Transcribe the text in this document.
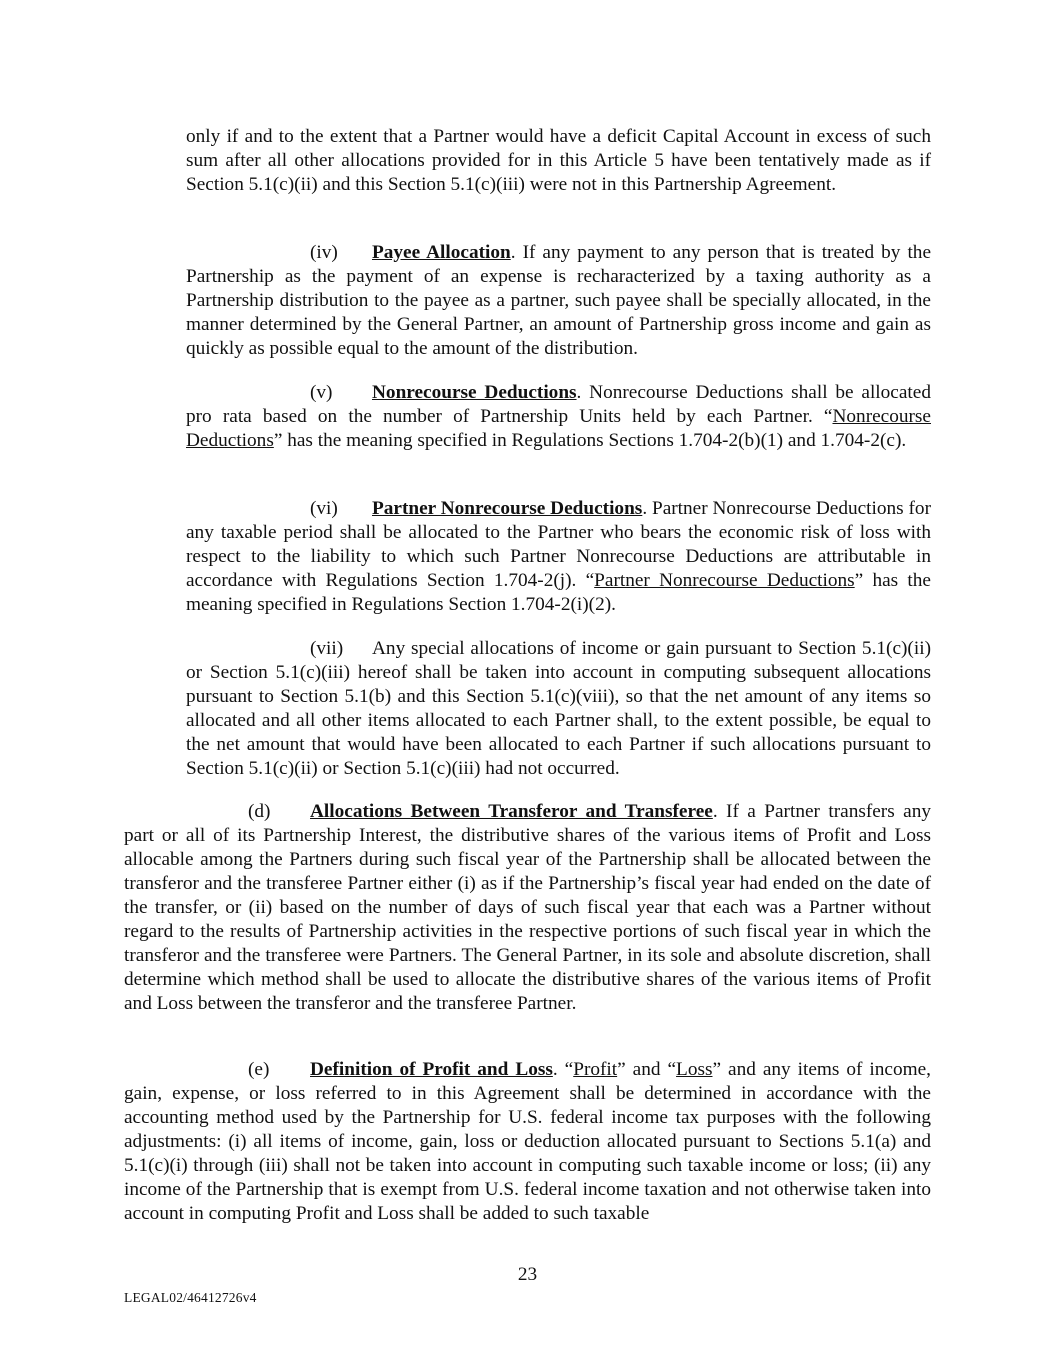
only if and to the extent that a Partner would have a deficit Capital Account in excess of such sum after all other allocations provided for in this Article 5 have been tentatively made as if Section 5.1(c)(ii) and this Section 5.1(c)(iii) were not in this Partnership Agreement.

(iv) Payee Allocation. If any payment to any person that is treated by the Partnership as the payment of an expense is recharacterized by a taxing authority as a Partnership distribution to the payee as a partner, such payee shall be specially allocated, in the manner determined by the General Partner, an amount of Partnership gross income and gain as quickly as possible equal to the amount of the distribution.

(v) Nonrecourse Deductions. Nonrecourse Deductions shall be allocated pro rata based on the number of Partnership Units held by each Partner. “Nonrecourse Deductions” has the meaning specified in Regulations Sections 1.704-2(b)(1) and 1.704-2(c).

(vi) Partner Nonrecourse Deductions. Partner Nonrecourse Deductions for any taxable period shall be allocated to the Partner who bears the economic risk of loss with respect to the liability to which such Partner Nonrecourse Deductions are attributable in accordance with Regulations Section 1.704-2(j). “Partner Nonrecourse Deductions” has the meaning specified in Regulations Section 1.704-2(i)(2).

(vii) Any special allocations of income or gain pursuant to Section 5.1(c)(ii) or Section 5.1(c)(iii) hereof shall be taken into account in computing subsequent allocations pursuant to Section 5.1(b) and this Section 5.1(c)(viii), so that the net amount of any items so allocated and all other items allocated to each Partner shall, to the extent possible, be equal to the net amount that would have been allocated to each Partner if such allocations pursuant to Section 5.1(c)(ii) or Section 5.1(c)(iii) had not occurred.

(d) Allocations Between Transferor and Transferee. If a Partner transfers any part or all of its Partnership Interest, the distributive shares of the various items of Profit and Loss allocable among the Partners during such fiscal year of the Partnership shall be allocated between the transferor and the transferee Partner either (i) as if the Partnership’s fiscal year had ended on the date of the transfer, or (ii) based on the number of days of such fiscal year that each was a Partner without regard to the results of Partnership activities in the respective portions of such fiscal year in which the transferor and the transferee were Partners. The General Partner, in its sole and absolute discretion, shall determine which method shall be used to allocate the distributive shares of the various items of Profit and Loss between the transferor and the transferee Partner.

(e) Definition of Profit and Loss. “Profit” and “Loss” and any items of income, gain, expense, or loss referred to in this Agreement shall be determined in accordance with the accounting method used by the Partnership for U.S. federal income tax purposes with the following adjustments: (i) all items of income, gain, loss or deduction allocated pursuant to Sections 5.1(a) and 5.1(c)(i) through (iii) shall not be taken into account in computing such taxable income or loss; (ii) any income of the Partnership that is exempt from U.S. federal income taxation and not otherwise taken into account in computing Profit and Loss shall be added to such taxable

23
LEGAL02/46412726v4
